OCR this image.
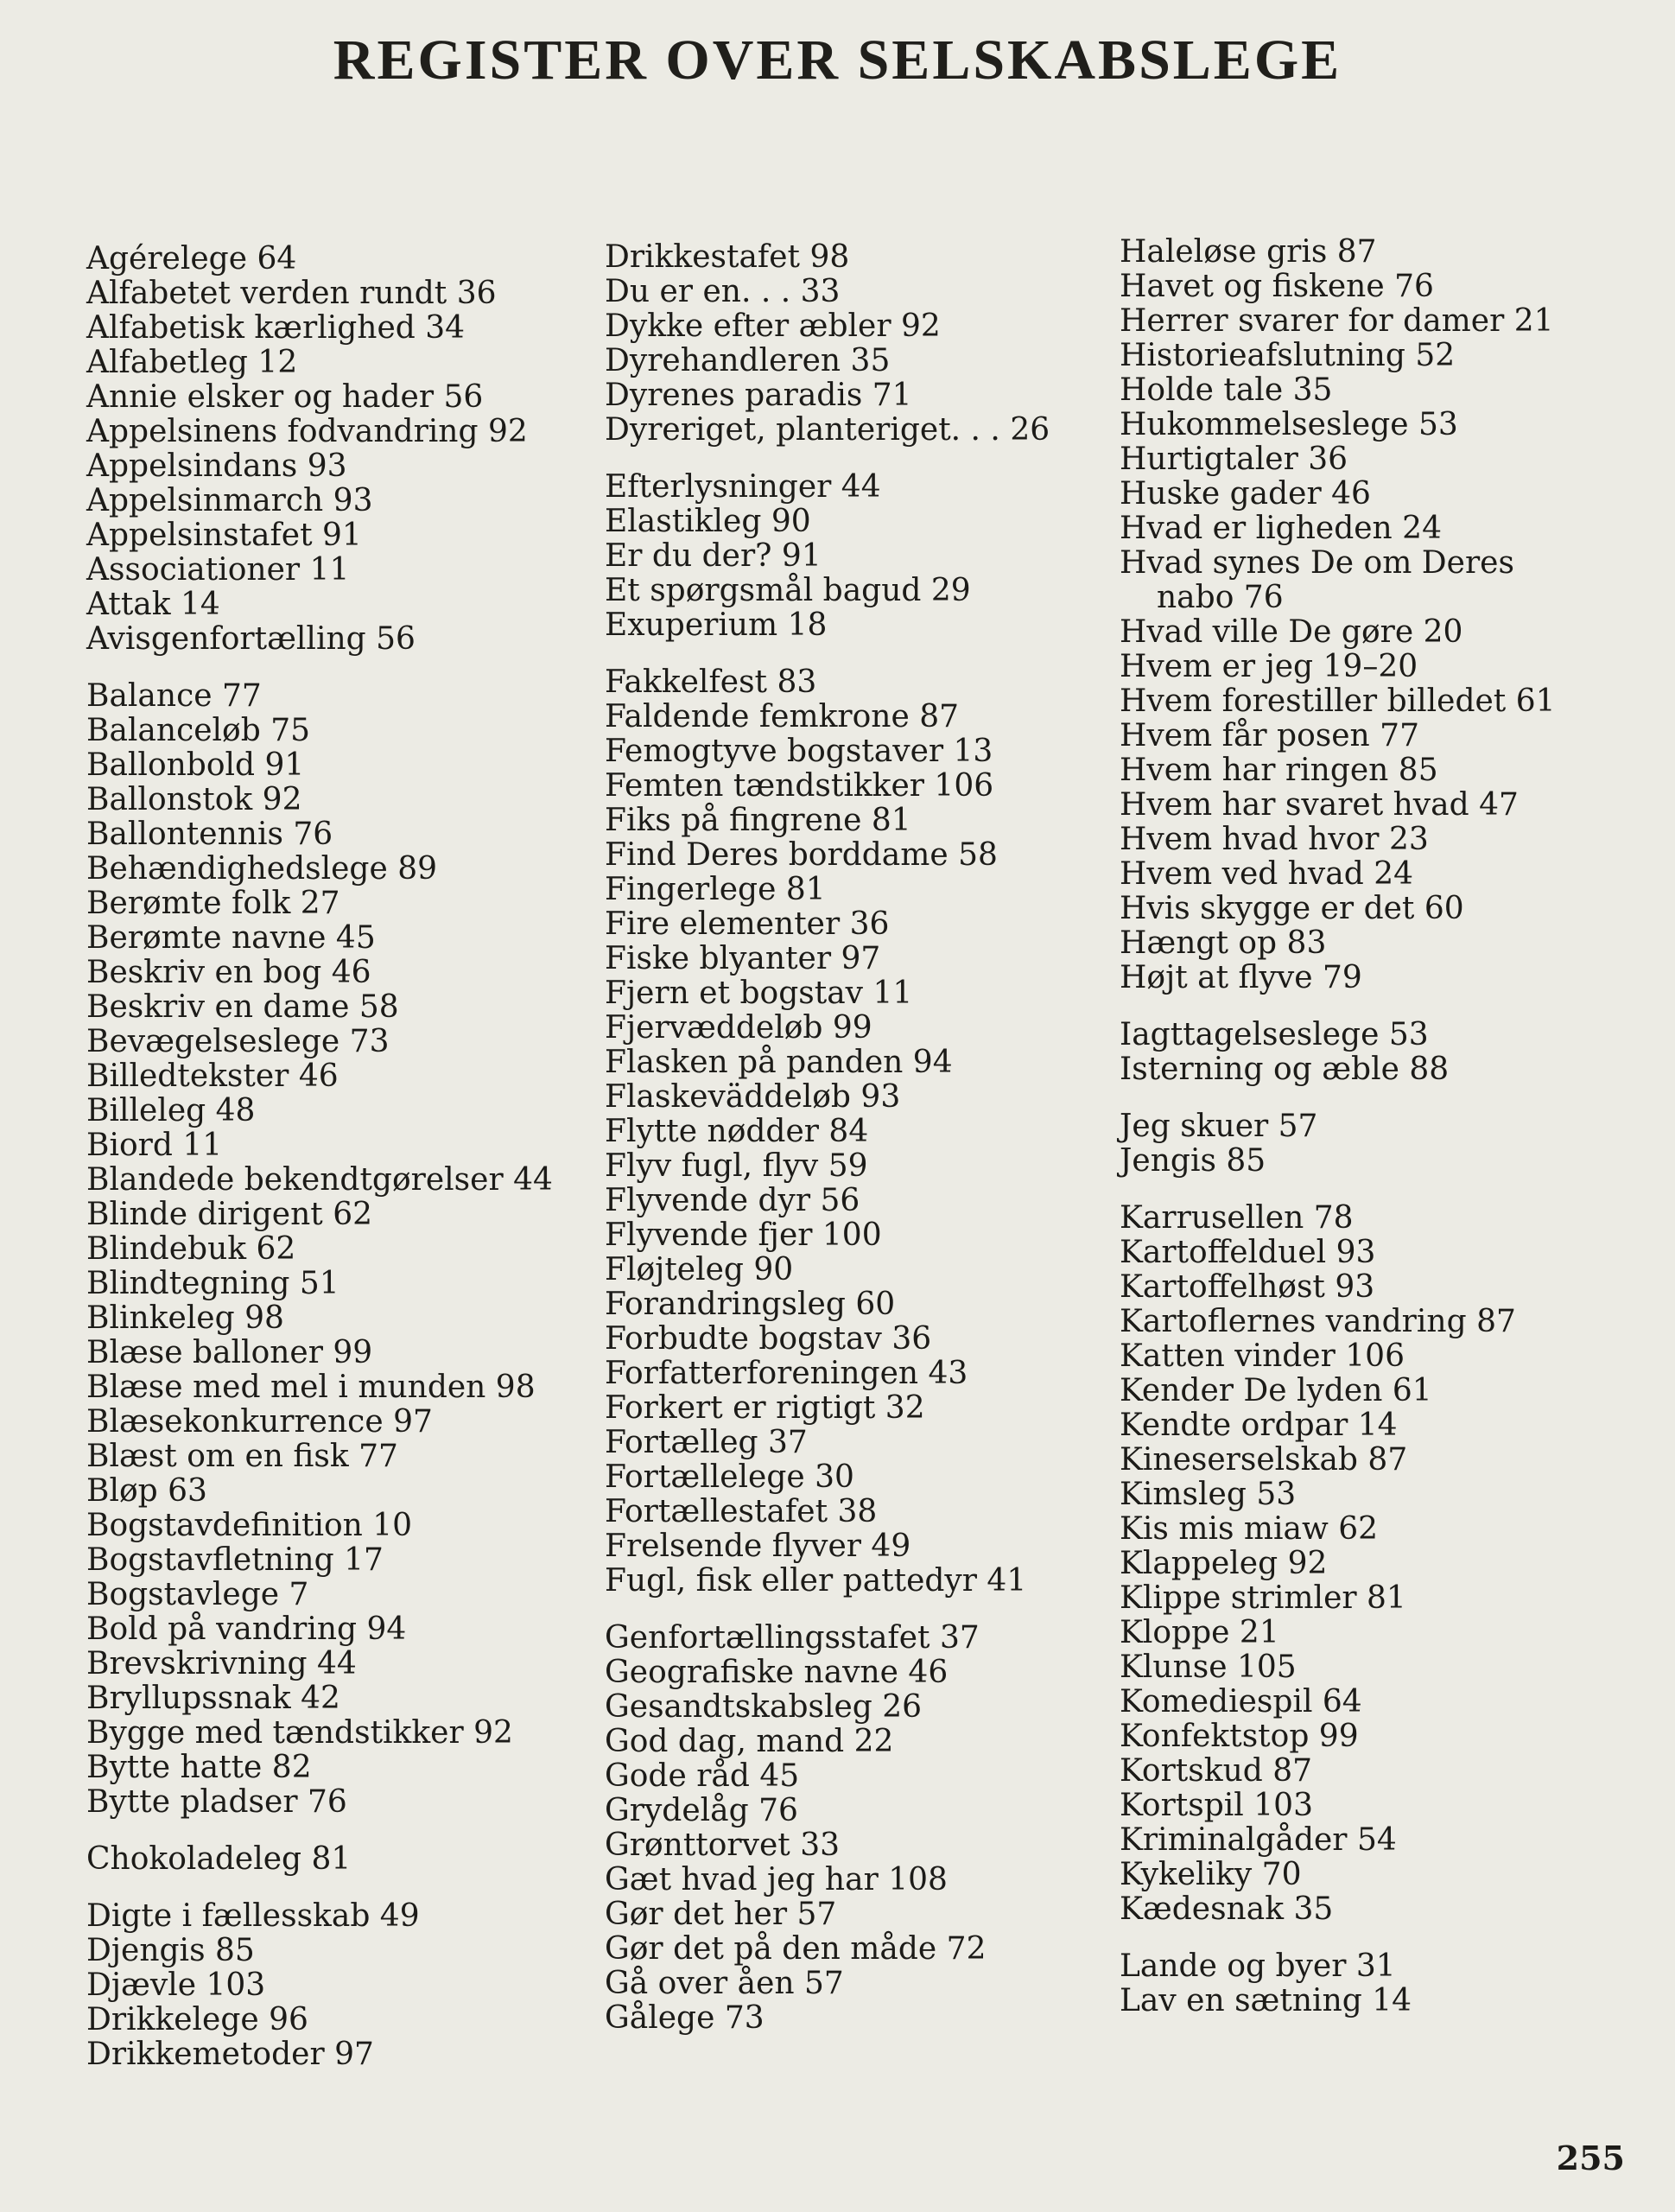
REGISTER OVER SELSKABSLEGE
Agérelege 64
Alfabetet verden rundt 36
Alfabetisk kærlighed 34
Alfabetleg 12
Annie elsker og hader 56
Appelsinens fodvandring 92
Appelsindans 93
Appelsinmarch 93
Appelsinstafet 91
Associationer 11
Attak 14
Avisgenfortælling 56
Balance 77
Balanceløb 75
Ballonbold 91
Ballonstok 92
Ballontennis 76
Behændighedslege 89
Berømte folk 27
Berømte navne 45
Beskriv en bog 46
Beskriv en dame 58
Bevægelseslege 73
Billedtekster 46
Billeleg 48
Biord 11
Blandede bekendtgørelser 44
Blinde dirigent 62
Blindebuk 62
Blindtegning 51
Blinkeleg 98
Blæse balloner 99
Blæse med mel i munden 98
Blæsekonkurrence 97
Blæst om en fisk 77
Bløp 63
Bogstavdefinition 10
Bogstavfletning 17
Bogstavlege 7
Bold på vandring 94
Brevskrivning 44
Bryllupssnak 42
Bygge med tændstikker 92
Bytte hatte 82
Bytte pladser 76
Chokoladeleg 81
Digte i fællesskab 49
Djengis 85
Djævle 103
Drikkelege 96
Drikkemetoder 97
Drikkestafet 98
Du er en. . . 33
Dykke efter æbler 92
Dyrehandleren 35
Dyrenes paradis 71
Dyreriget, planteriget. . . 26
Efterlysninger 44
Elastikleg 90
Er du der? 91
Et spørgsmål bagud 29
Exuperium 18
Fakkelfest 83
Faldende femkrone 87
Femogtyve bogstaver 13
Femten tændstikker 106
Fiks på fingrene 81
Find Deres borddame 58
Fingerlege 81
Fire elementer 36
Fiske blyanter 97
Fjern et bogstav 11
Fjervæddeløb 99
Flasken på panden 94
Flaskeväddeløb 93
Flytte nødder 84
Flyv fugl, flyv 59
Flyvende dyr 56
Flyvende fjer 100
Fløjteleg 90
Forandringsleg 60
Forbudte bogstav 36
Forfatterforeningen 43
Forkert er rigtigt 32
Fortælleg 37
Fortællelege 30
Fortællestafet 38
Frelsende flyver 49
Fugl, fisk eller pattedyr 41
Genfortællingsstafet 37
Geografiske navne 46
Gesandtskabsleg 26
God dag, mand 22
Gode råd 45
Grydelåg 76
Grønttorvet 33
Gæt hvad jeg har 108
Gør det her 57
Gør det på den måde 72
Gå over åen 57
Gålege 73
Haleløse gris 87
Havet og fiskene 76
Herrer svarer for damer 21
Historieafslutning 52
Holde tale 35
Hukommelseslege 53
Hurtigtaler 36
Huske gader 46
Hvad er ligheden 24
Hvad synes De om Deres
nabo 76
Hvad ville De gøre 20
Hvem er jeg 19–20
Hvem forestiller billedet 61
Hvem får posen 77
Hvem har ringen 85
Hvem har svaret hvad 47
Hvem hvad hvor 23
Hvem ved hvad 24
Hvis skygge er det 60
Hængt op 83
Højt at flyve 79
Iagttagelseslege 53
Isterning og æble 88
Jeg skuer 57
Jengis 85
Karrusellen 78
Kartoffelduel 93
Kartoffelhøst 93
Kartoflernes vandring 87
Katten vinder 106
Kender De lyden 61
Kendte ordpar 14
Kineserselskab 87
Kimsleg 53
Kis mis miaw 62
Klappeleg 92
Klippe strimler 81
Kloppe 21
Klunse 105
Komediespil 64
Konfektstop 99
Kortskud 87
Kortspil 103
Kriminalgåder 54
Kykeliky 70
Kædesnak 35
Lande og byer 31
Lav en sætning 14
255
